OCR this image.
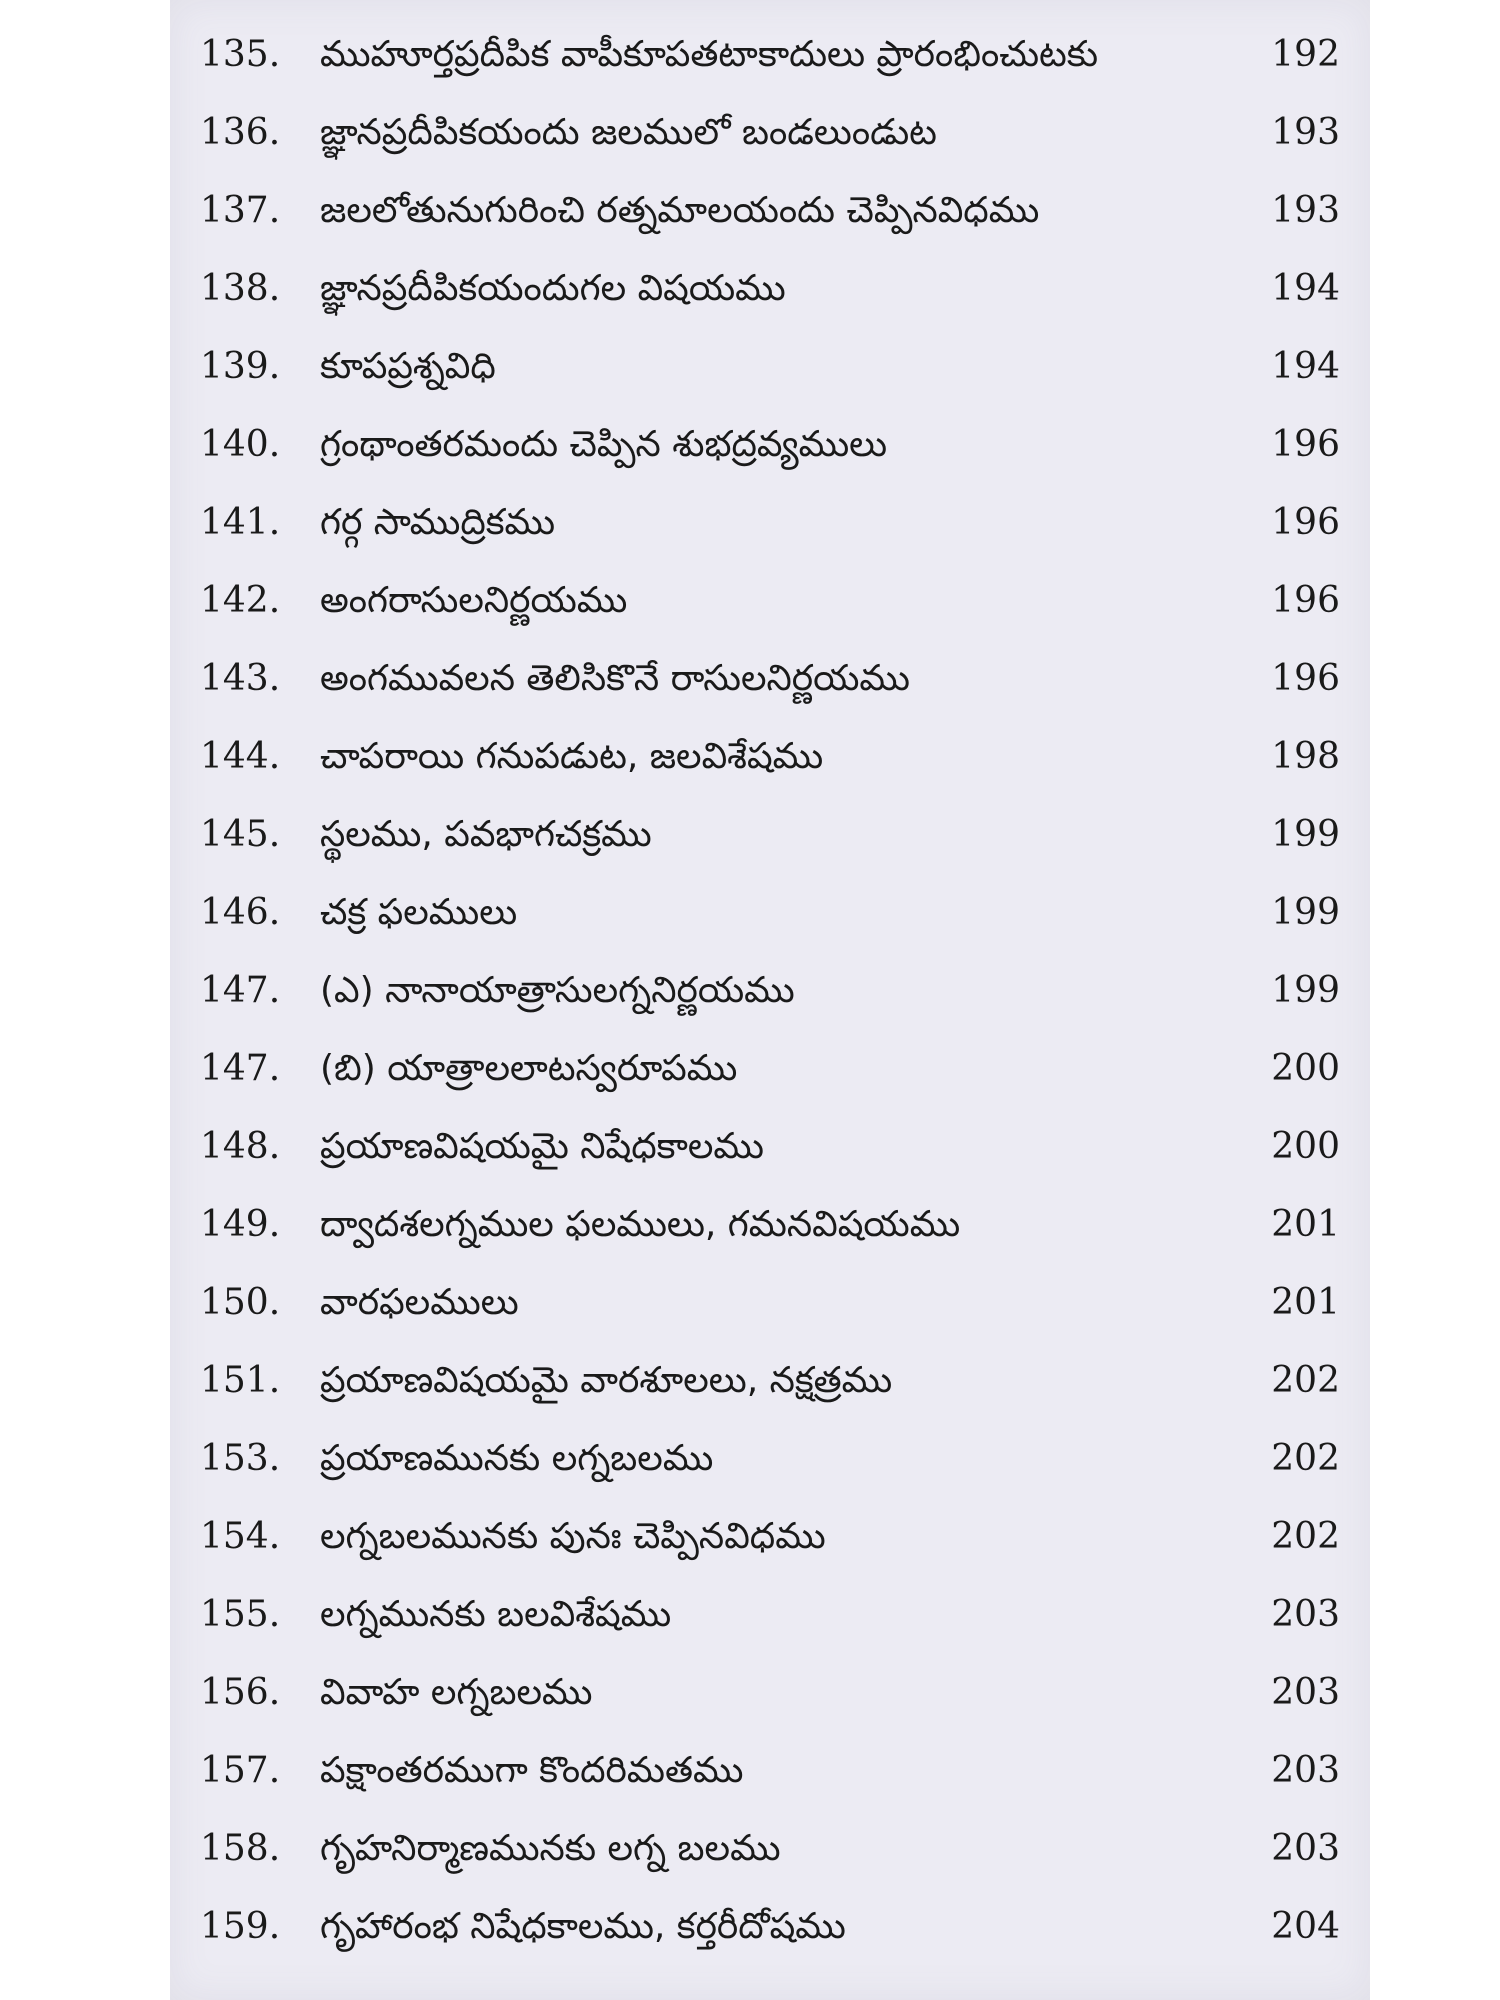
135.	ముహూర్తప్రదీపిక వాపీకూపతటాకాదులు ప్రారంభించుటకు	192
136.	జ్ఞానప్రదీపికయందు జలములో బండలుండుట	193
137.	జలలోతునుగురించి రత్నమాలయందు చెప్పినవిధము	193
138.	జ్ఞానప్రదీపికయందుగల విషయము	194
139.	కూపప్రశ్నవిధి	194
140.	గ్రంథాంతరమందు చెప్పిన శుభద్రవ్యములు	196
141.	గర్గ సాముద్రికము	196
142.	అంగరాసులనిర్ణయము	196
143.	అంగమువలన తెలిసికొనే రాసులనిర్ణయము	196
144.	చాపరాయి గనుపడుట, జలవిశేషము	198
145.	స్థలము, పవభాగచక్రము	199
146.	చక్ర ఫలములు	199
147.	(ఎ) నానాయాత్రాసులగ్ననిర్ణయము	199
147.	(బి) యాత్రాలలాటస్వరూపము	200
148.	ప్రయాణవిషయమై నిషేధకాలము	200
149.	ద్వాదశలగ్నముల ఫలములు, గమనవిషయము	201
150.	వారఫలములు	201
151.	ప్రయాణవిషయమై వారశూలలు, నక్షత్రము	202
153.	ప్రయాణమునకు లగ్నబలము	202
154.	లగ్నబలమునకు పునః చెప్పినవిధము	202
155.	లగ్నమునకు బలవిశేషము	203
156.	వివాహ లగ్నబలము	203
157.	పక్షాంతరముగా కొందరిమతము	203
158.	గృహనిర్మాణమునకు లగ్న బలము	203
159.	గృహారంభ నిషేధకాలము, కర్తరీదోషము	204
